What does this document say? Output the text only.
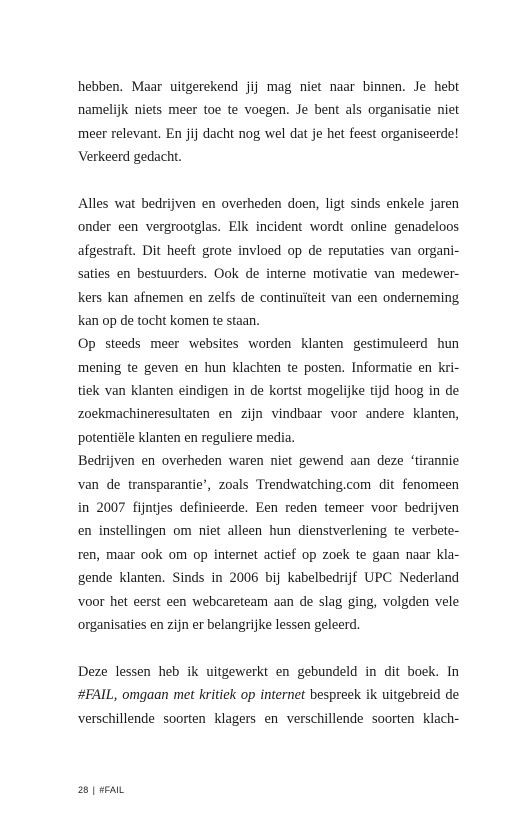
hebben. Maar uitgerekend jij mag niet naar binnen. Je hebt
namelijk niets meer toe te voegen. Je bent als organisatie niet
meer relevant. En jij dacht nog wel dat je het feest organiseerde!
Verkeerd gedacht.
Alles wat bedrijven en overheden doen, ligt sinds enkele jaren
onder een vergrootglas. Elk incident wordt online genadeloos
afgestraft. Dit heeft grote invloed op de reputaties van organi-
saties en bestuurders. Ook de interne motivatie van medewer-
kers kan afnemen en zelfs de continuïteit van een onderneming
kan op de tocht komen te staan.
Op steeds meer websites worden klanten gestimuleerd hun
mening te geven en hun klachten te posten. Informatie en kri-
tiek van klanten eindigen in de kortst mogelijke tijd hoog in de
zoekmachineresultaten en zijn vindbaar voor andere klanten,
potentiële klanten en reguliere media.
Bedrijven en overheden waren niet gewend aan deze ‘tirannie
van de transparantie’, zoals Trendwatching.com dit fenomeen
in 2007 fijntjes definieerde. Een reden temeer voor bedrijven
en instellingen om niet alleen hun dienstverlening te verbete-
ren, maar ook om op internet actief op zoek te gaan naar kla-
gende klanten. Sinds in 2006 bij kabelbedrijf UPC Nederland
voor het eerst een webcareteam aan de slag ging, volgden vele
organisaties en zijn er belangrijke lessen geleerd.
Deze lessen heb ik uitgewerkt en gebundeld in dit boek. In
#FAIL, omgaan met kritiek op internet bespreek ik uitgebreid de
verschillende soorten klagers en verschillende soorten klach-
28 | #FAIL
